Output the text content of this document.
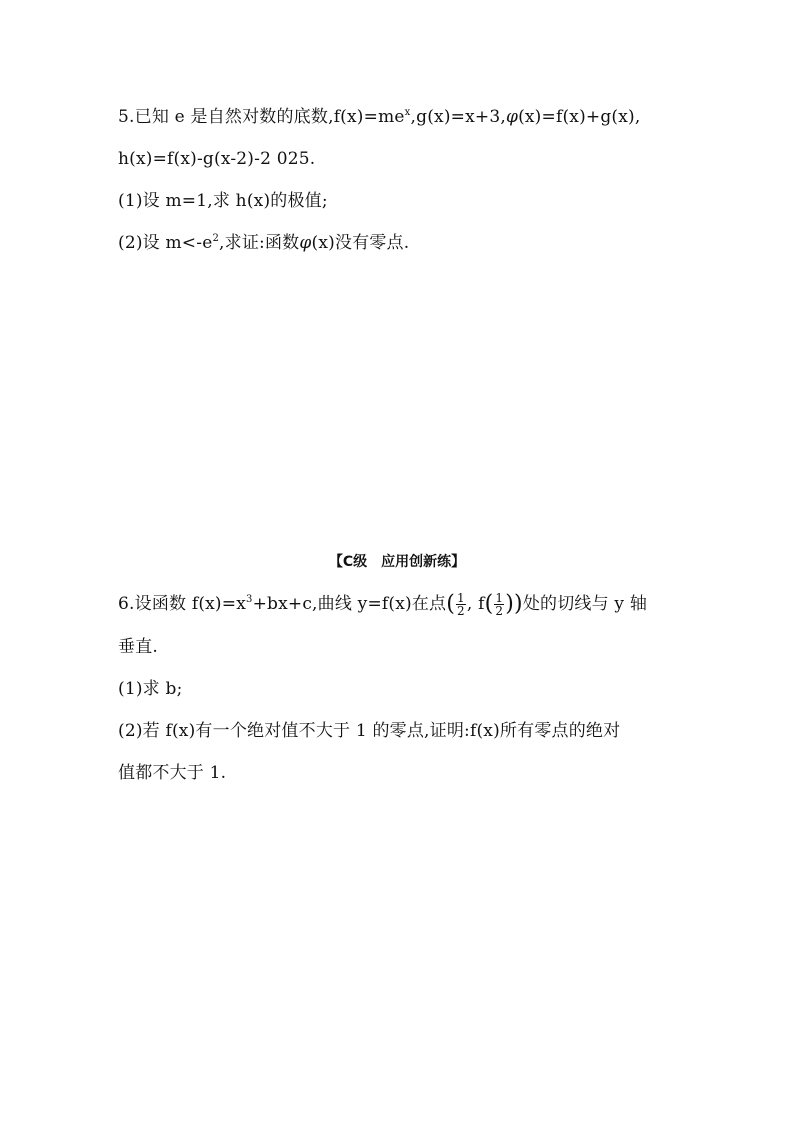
5.已知 e 是自然对数的底数$,f(x)=me^x,g(x)=x+3,\varphi(x)=f(x)+g(x)$,
h(x)=f(x)-g(x-2)-2 025.
(1)设 m=1,求 h(x)的极值;
(2)设 $m<-e^2$,求证:函数φ(x)没有零点.
【C级　应用创新练】
6.设函数 $f(x)=x^3+bx+c$,曲线 y=f(x)在点( $\frac{1}{2}$ , $f( \frac{1}{2}$ ))处的切线与 y 轴
垂直.
(1)求 b;
(2)若 f(x)有一个绝对值不大于 1 的零点,证明:f(x)所有零点的绝对
值都不大于 1.
